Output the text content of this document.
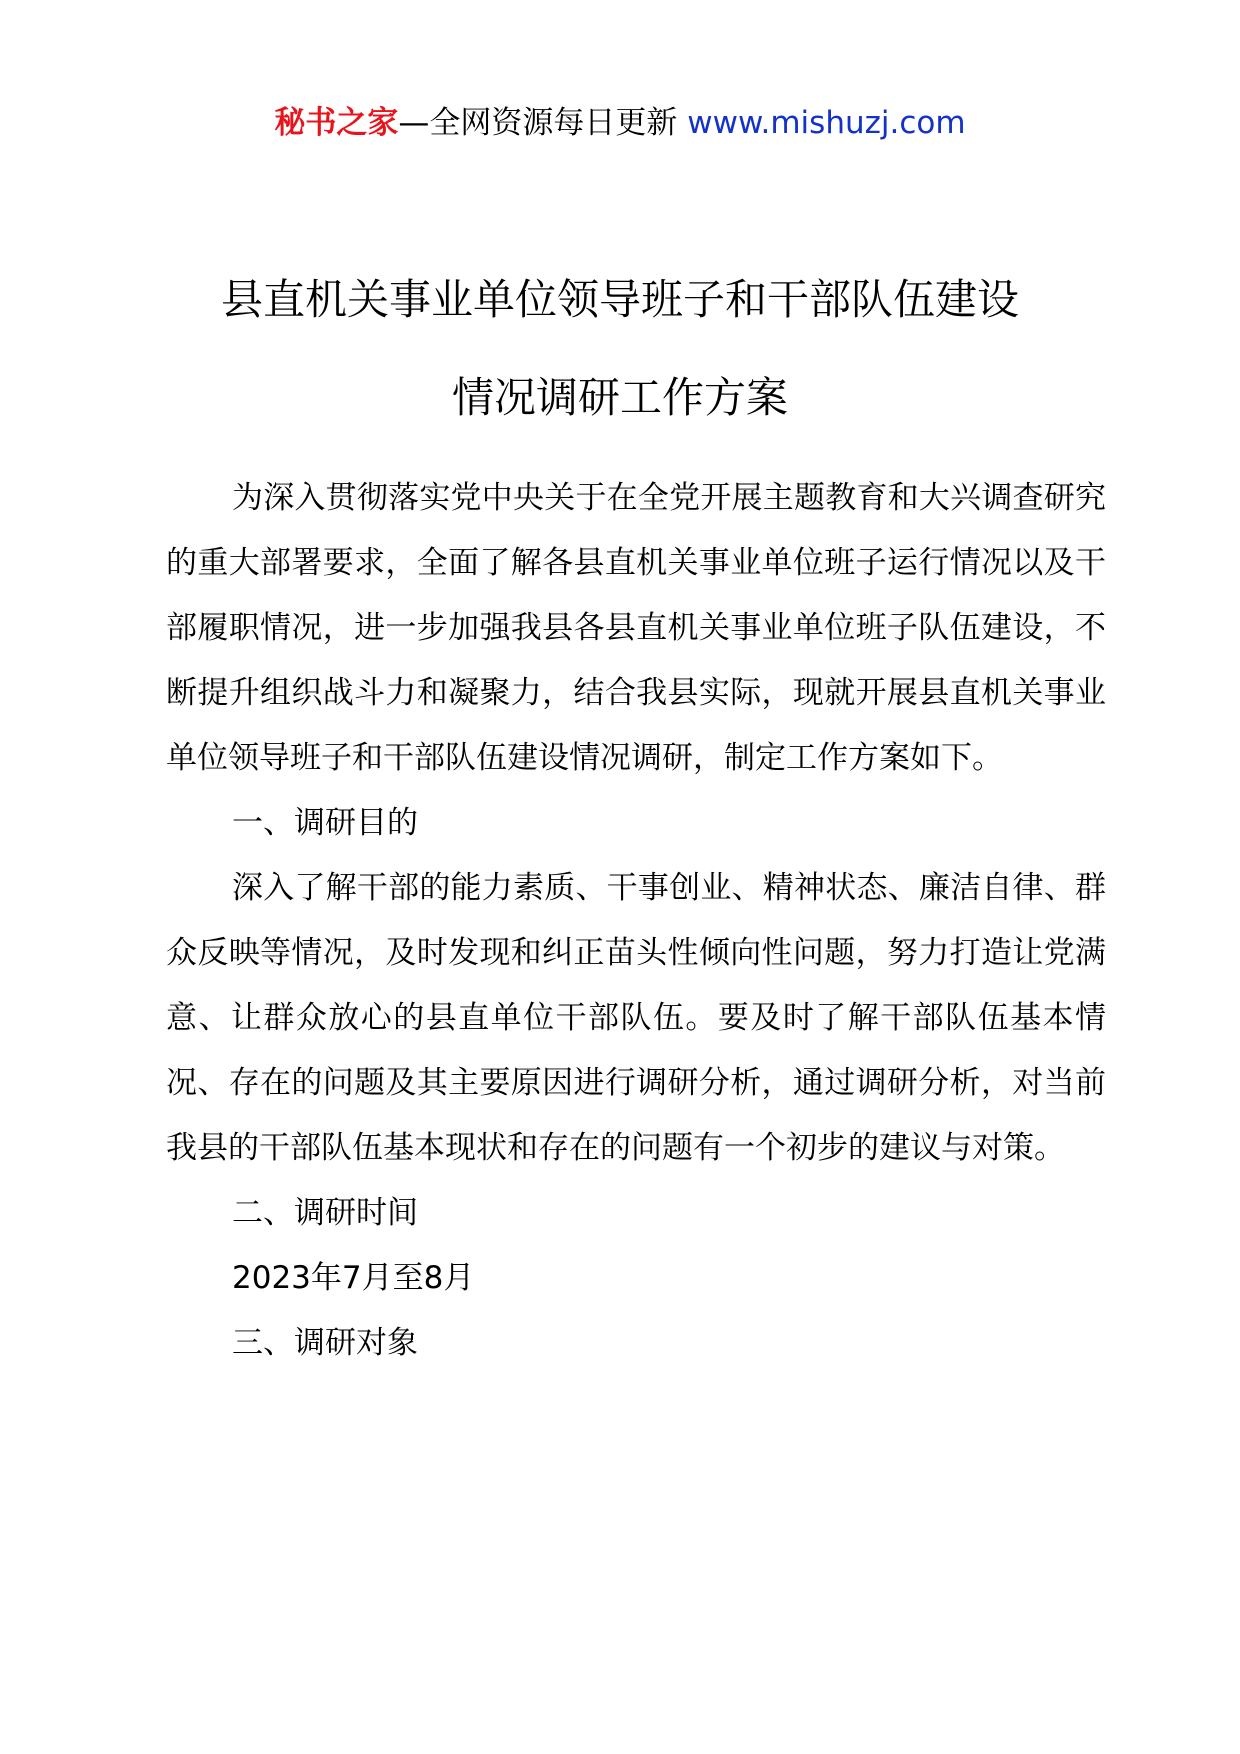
秘书之家—全网资源每日更新 www.mishuzj.com
县直机关事业单位领导班子和干部队伍建设
情况调研工作方案

为深入贯彻落实党中央关于在全党开展主题教育和大兴调查研究的重大部署要求，全面了解各县直机关事业单位班子运行情况以及干部履职情况，进一步加强我县各县直机关事业单位班子队伍建设，不断提升组织战斗力和凝聚力，结合我县实际，现就开展县直机关事业单位领导班子和干部队伍建设情况调研，制定工作方案如下。

一、调研目的

深入了解干部的能力素质、干事创业、精神状态、廉洁自律、群众反映等情况，及时发现和纠正苗头性倾向性问题，努力打造让党满意、让群众放心的县直单位干部队伍。要及时了解干部队伍基本情况、存在的问题及其主要原因进行调研分析，通过调研分析，对当前我县的干部队伍基本现状和存在的问题有一个初步的建议与对策。

二、调研时间

2023年7月至8月

三、调研对象
